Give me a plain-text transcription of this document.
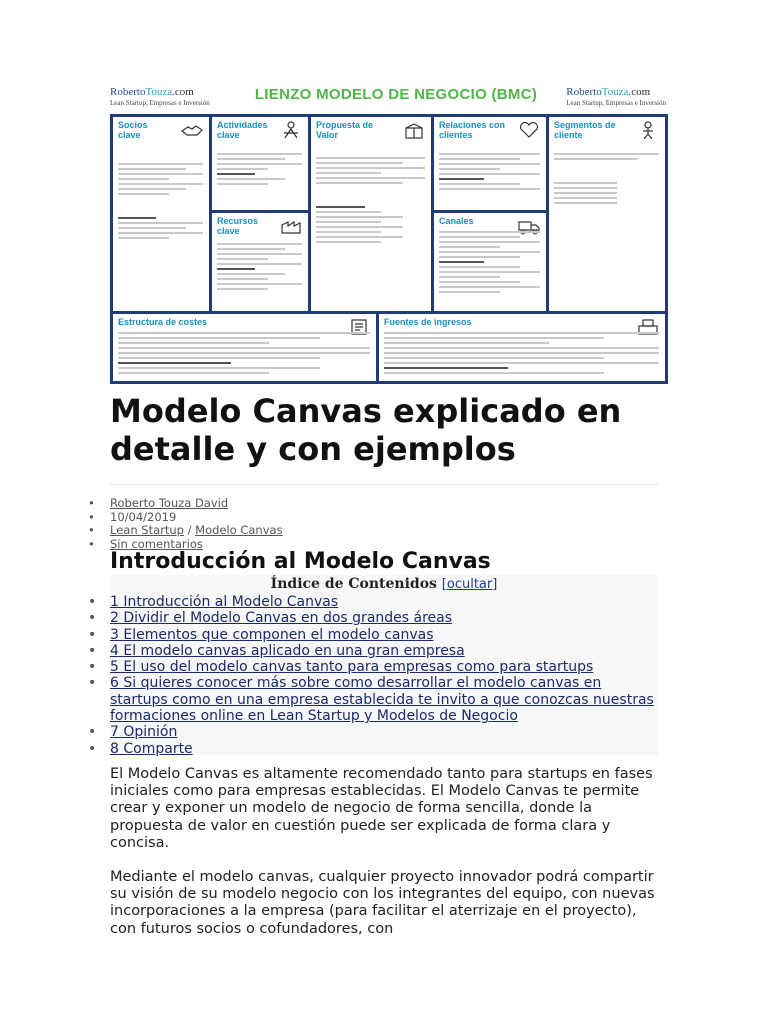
RobertoTouza.com
Lean Startup, Empresas e Inversión	LIENZO MODELO DE NEGOCIO (BMC)	RobertoTouza.com
Lean Startup, Empresas e Inversión
Socios clave

Actividades clave
Recursos clave
Propuesta de Valor

Relaciones con clientes
Canales
Segmentos de cliente

Estructura de costes	Fuentes de ingresos
Modelo Canvas explicado en detalle y con ejemplos
• Roberto Touza David
• 10/04/2019
• Lean Startup / Modelo Canvas
• Sin comentarios
Introducción al Modelo Canvas
Índice de Contenidos [ocultar]
• 1 Introducción al Modelo Canvas
• 2 Dividir el Modelo Canvas en dos grandes áreas
• 3 Elementos que componen el modelo canvas
• 4 El modelo canvas aplicado en una gran empresa
• 5 El uso del modelo canvas tanto para empresas como para startups
• 6 Si quieres conocer más sobre como desarrollar el modelo canvas en startups como en una empresa establecida te invito a que conozcas nuestras formaciones online en Lean Startup y Modelos de Negocio
• 7 Opinión
• 8 Comparte

El Modelo Canvas es altamente recomendado tanto para startups en fases iniciales como para empresas establecidas. El Modelo Canvas te permite crear y exponer un modelo de negocio de forma sencilla, donde la propuesta de valor en cuestión puede ser explicada de forma clara y concisa.

Mediante el modelo canvas, cualquier proyecto innovador podrá compartir su visión de su modelo negocio con los integrantes del equipo, con nuevas incorporaciones a la empresa (para facilitar el aterrizaje en el proyecto), con futuros socios o cofundadores, con
